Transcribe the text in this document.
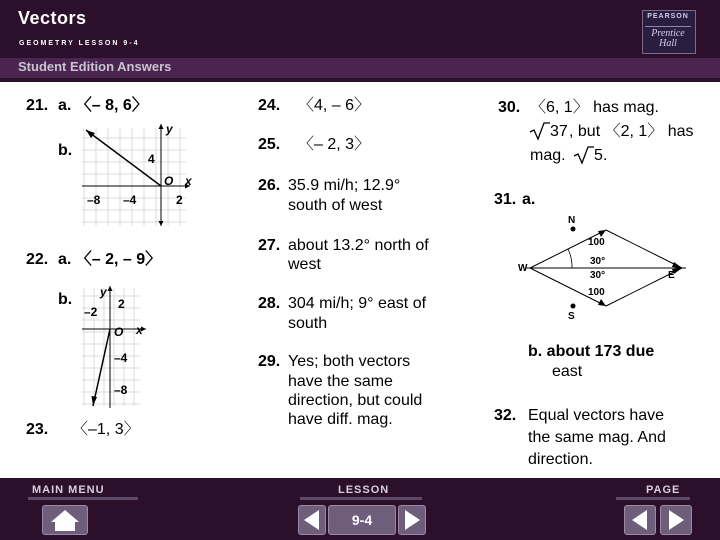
Vectors
GEOMETRY LESSON 9-4
Student Edition Answers
PEARSON
Prentice Hall
21. a. 〈– 8, 6〉
b.
y
x
O
4
–8 –4	2
22. a. 〈– 2, – 9〉
b. y
x
O
2
–2
–4
–8
23. 〈–1, 3〉
24. 〈4, – 6〉
25. 〈– 2, 3〉
26. 35.9 mi/h; 12.9°
south of west
27. about 13.2° north of
west
28. 304 mi/h; 9° east of
south
29. Yes; both vectors
have the same
direction, but could
have diff. mag.
30. 〈6, 1〉 has mag.
37 , but 〈2, 1〉 has
mag. 5 .
31. a.
N
S
W
E
100
100
30°
30°
b. about 173 due
east
32. Equal vectors have
the same mag. And
direction.
MAIN MENU	LESSON	PAGE
9-4
